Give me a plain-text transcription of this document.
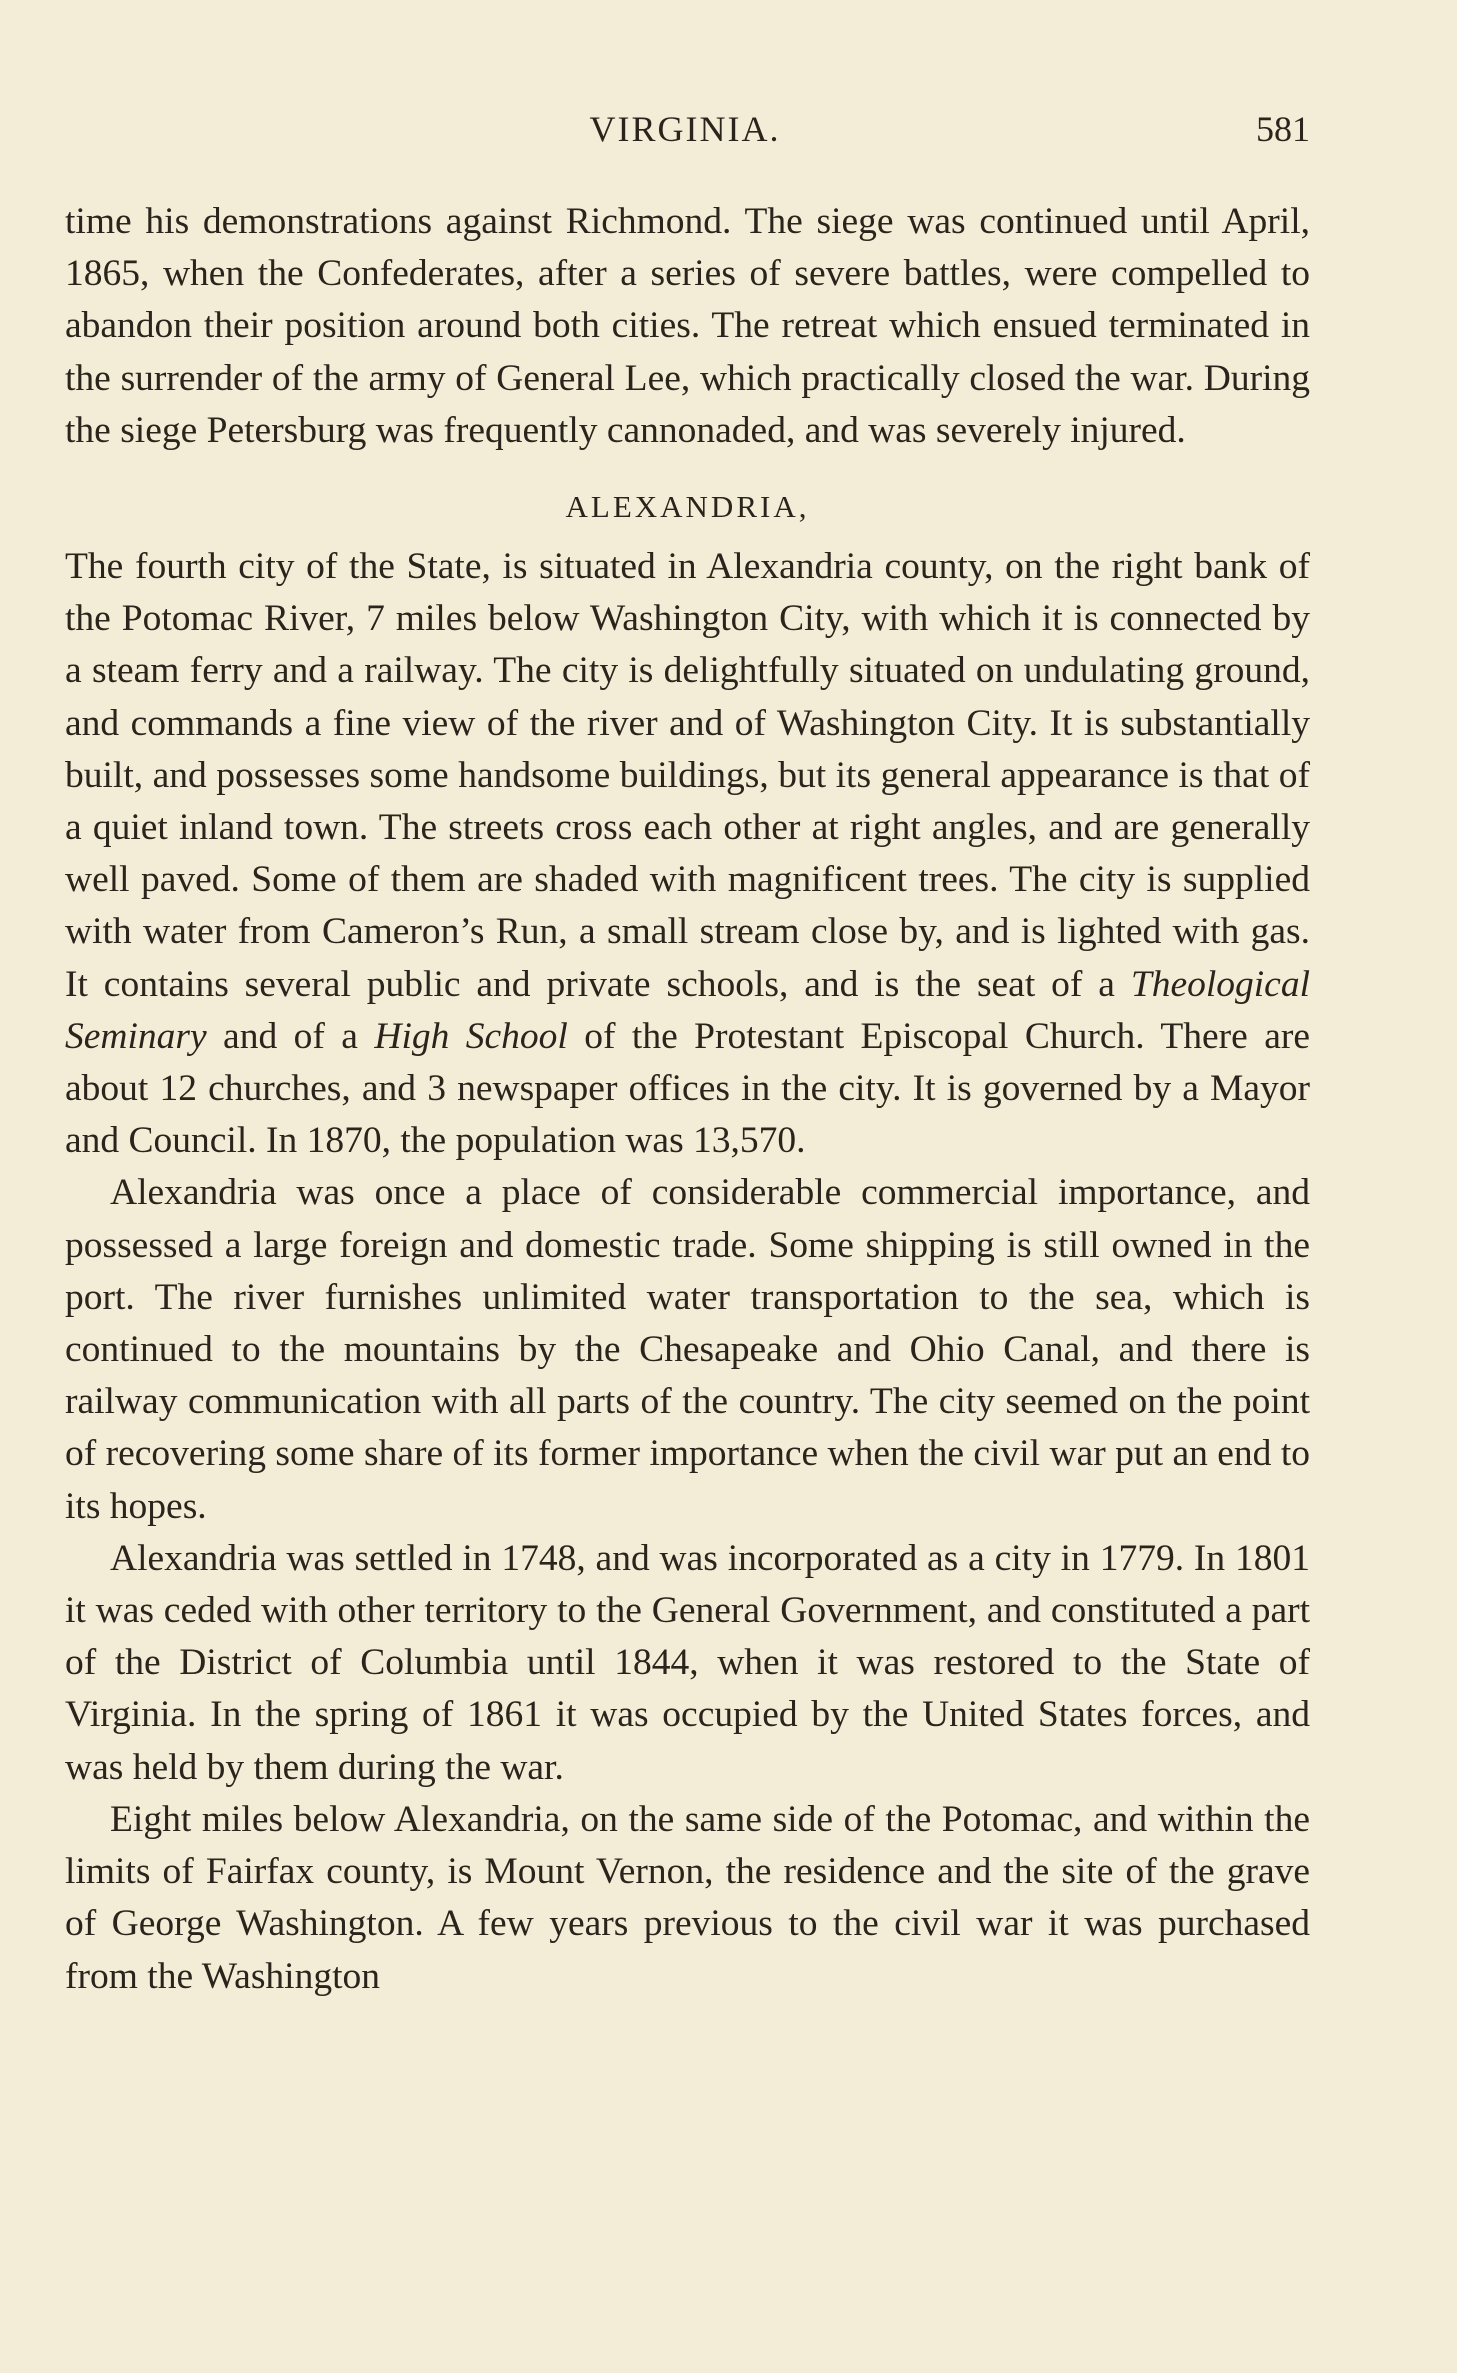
VIRGINIA.	581

time his demonstrations against Richmond. The siege was continued until April, 1865, when the Confederates, after a series of severe battles, were compelled to abandon their position around both cities. The retreat which ensued terminated in the surrender of the army of General Lee, which practically closed the war. During the siege Petersburg was frequently cannonaded, and was severely injured.

ALEXANDRIA,

The fourth city of the State, is situated in Alexandria county, on the right bank of the Potomac River, 7 miles below Washington City, with which it is connected by a steam ferry and a railway. The city is delightfully situated on undulating ground, and commands a fine view of the river and of Washington City. It is substantially built, and possesses some handsome buildings, but its general appearance is that of a quiet inland town. The streets cross each other at right angles, and are generally well paved. Some of them are shaded with magnificent trees. The city is supplied with water from Cameron’s Run, a small stream close by, and is lighted with gas. It contains several public and private schools, and is the seat of a Theological Seminary and of a High School of the Protestant Episcopal Church. There are about 12 churches, and 3 newspaper offices in the city. It is governed by a Mayor and Council. In 1870, the population was 13,570.

Alexandria was once a place of considerable commercial importance, and possessed a large foreign and domestic trade. Some shipping is still owned in the port. The river furnishes unlimited water transportation to the sea, which is continued to the mountains by the Chesapeake and Ohio Canal, and there is railway communication with all parts of the country. The city seemed on the point of recovering some share of its former importance when the civil war put an end to its hopes.

Alexandria was settled in 1748, and was incorporated as a city in 1779. In 1801 it was ceded with other territory to the General Government, and constituted a part of the District of Columbia until 1844, when it was restored to the State of Virginia. In the spring of 1861 it was occupied by the United States forces, and was held by them during the war.

Eight miles below Alexandria, on the same side of the Potomac, and within the limits of Fairfax county, is Mount Vernon, the residence and the site of the grave of George Washington. A few years previous to the civil war it was purchased from the Washington
